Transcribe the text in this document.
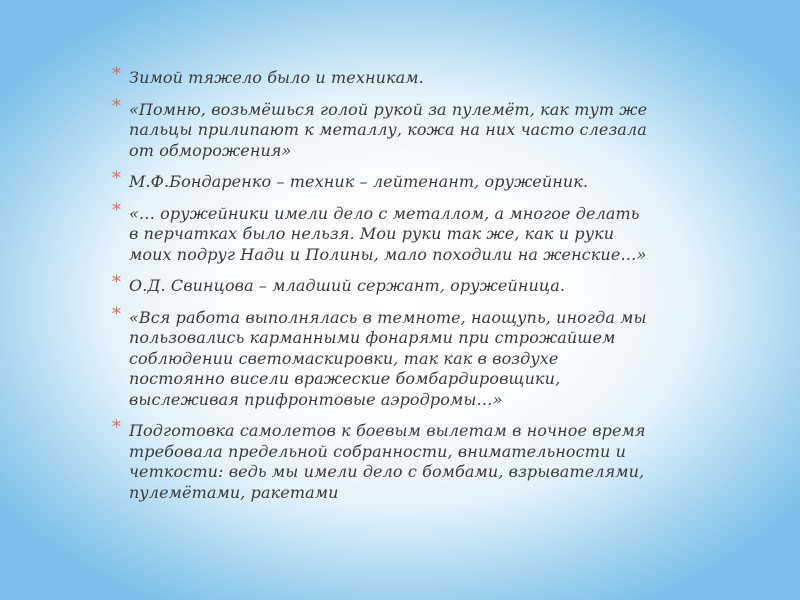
* Зимой тяжело было и техникам.
* «Помню, возьмёшься голой рукой за пулемёт, как тут же пальцы прилипают к металлу, кожа на них часто слезала от обморожения»
* М.Ф.Бондаренко – техник – лейтенант, оружейник.
* «… оружейники имели дело с металлом, а многое делать в перчатках было нельзя. Мои руки так же, как и руки моих подруг Нади и Полины, мало походили на женские…»
* О.Д. Свинцова – младший сержант, оружейница.
* «Вся работа выполнялась в темноте, наощупь, иногда мы пользовались карманными фонарями при строжайшем соблюдении светомаскировки, так как в воздухе постоянно висели вражеские бомбардировщики, выслеживая прифронтовые аэродромы…»
* Подготовка самолетов к боевым вылетам в ночное время требовала предельной собранности, внимательности и четкости: ведь мы имели дело с бомбами, взрывателями, пулемётами, ракетами
